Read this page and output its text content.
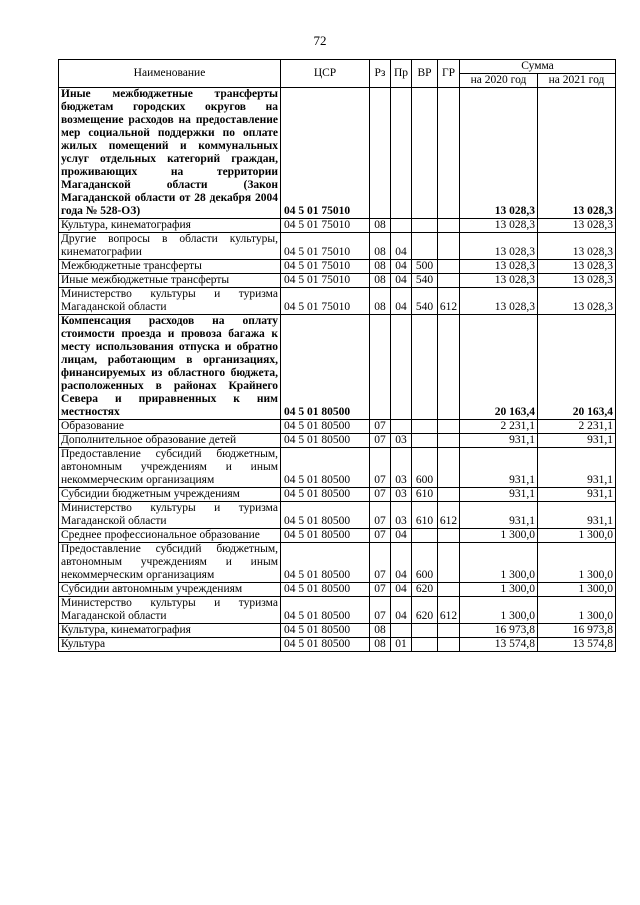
72
Наименование	ЦСР	Рз	Пр	ВР	ГР	Сумма	
						на 2020 год	на 2021 год
Иные межбюджетные трансферты бюджетам городских округов на возмещение расходов на предоставление мер социальной поддержки по оплате жилых помещений и коммунальных услуг отдельных категорий граждан, проживающих на территории Магаданской области (Закон Магаданской области от 28 декабря 2004 года № 528-ОЗ)	04 5 01 75010					13 028,3	13 028,3
Культура, кинематография	04 5 01 75010	08				13 028,3	13 028,3
Другие вопросы в области культуры, кинематографии	04 5 01 75010	08	04			13 028,3	13 028,3
Межбюджетные трансферты	04 5 01 75010	08	04	500		13 028,3	13 028,3
Иные межбюджетные трансферты	04 5 01 75010	08	04	540		13 028,3	13 028,3
Министерство культуры и туризма Магаданской области	04 5 01 75010	08	04	540	612	13 028,3	13 028,3
Компенсация расходов на оплату стоимости проезда и провоза багажа к месту использования отпуска и обратно лицам, работающим в организациях, финансируемых из областного бюджета, расположенных в районах Крайнего Севера и приравненных к ним местностях	04 5 01 80500					20 163,4	20 163,4
Образование	04 5 01 80500	07				2 231,1	2 231,1
Дополнительное образование детей	04 5 01 80500	07	03			931,1	931,1
Предоставление субсидий бюджетным, автономным учреждениям и иным некоммерческим организациям	04 5 01 80500	07	03	600		931,1	931,1
Субсидии бюджетным учреждениям	04 5 01 80500	07	03	610		931,1	931,1
Министерство культуры и туризма Магаданской области	04 5 01 80500	07	03	610	612	931,1	931,1
Среднее профессиональное образование	04 5 01 80500	07	04			1 300,0	1 300,0
Предоставление субсидий бюджетным, автономным учреждениям и иным некоммерческим организациям	04 5 01 80500	07	04	600		1 300,0	1 300,0
Субсидии автономным учреждениям	04 5 01 80500	07	04	620		1 300,0	1 300,0
Министерство культуры и туризма Магаданской области	04 5 01 80500	07	04	620	612	1 300,0	1 300,0
Культура, кинематография	04 5 01 80500	08				16 973,8	16 973,8
Культура	04 5 01 80500	08	01			13 574,8	13 574,8
